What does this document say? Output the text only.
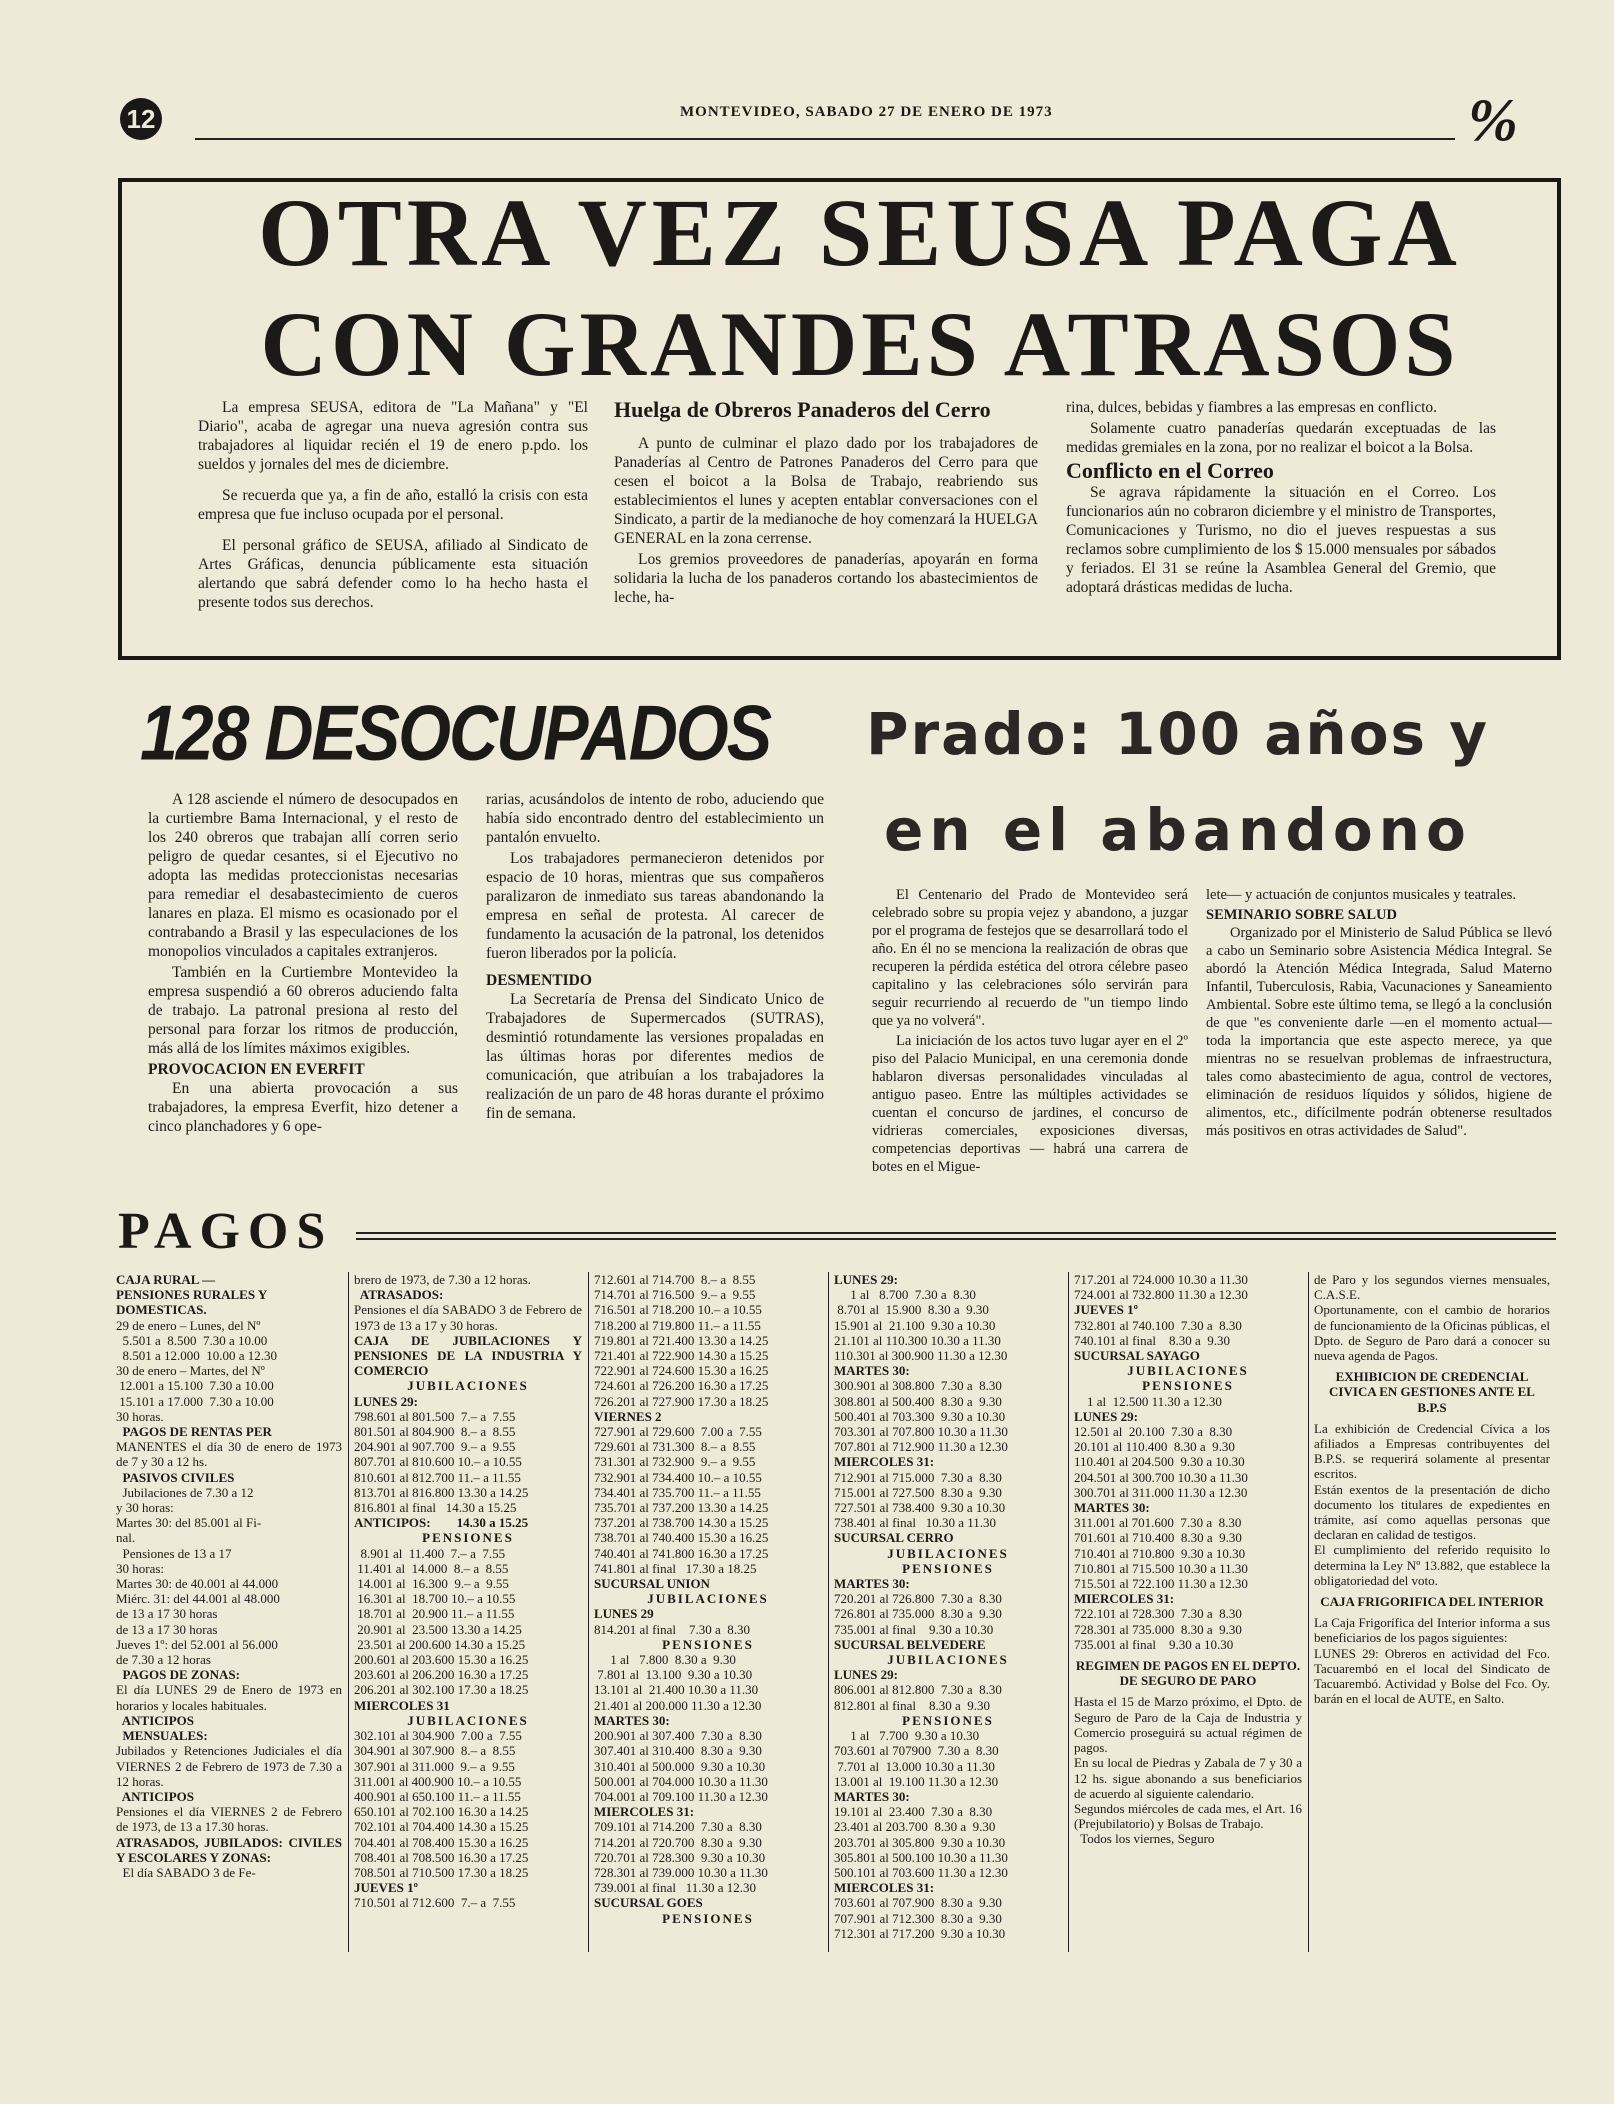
12	MONTEVIDEO, SABADO 27 DE ENERO DE 1973	%
OTRA VEZ SEUSA PAGA
CON GRANDES ATRASOS

La empresa SEUSA, editora de "La Mañana" y "El Diario", acaba de agregar una nueva agresión contra sus trabajadores al liquidar recién el 19 de enero p.pdo. los sueldos y jornales del mes de diciembre.

Se recuerda que ya, a fin de año, estalló la crisis con esta empresa que fue incluso ocupada por el personal.

El personal gráfico de SEUSA, afiliado al Sindicato de Artes Gráficas, denuncia públicamente esta situación alertando que sabrá defender como lo ha hecho hasta el presente todos sus derechos.

Huelga de Obreros Panaderos del Cerro

A punto de culminar el plazo dado por los trabajadores de Panaderías al Centro de Patrones Panaderos del Cerro para que cesen el boicot a la Bolsa de Trabajo, reabriendo sus establecimientos el lunes y acepten entablar conversaciones con el Sindicato, a partir de la medianoche de hoy comenzará la HUELGA GENERAL en la zona cerrense.

Los gremios proveedores de panaderías, apoyarán en forma solidaria la lucha de los panaderos cortando los abastecimientos de leche, ha-

rina, dulces, bebidas y fiambres a las empresas en conflicto.

Solamente cuatro panaderías quedarán exceptuadas de las medidas gremiales en la zona, por no realizar el boicot a la Bolsa.

Conflicto en el Correo

Se agrava rápidamente la situación en el Correo. Los funcionarios aún no cobraron diciembre y el ministro de Transportes, Comunicaciones y Turismo, no dio el jueves respuestas a sus reclamos sobre cumplimiento de los $ 15.000 mensuales por sábados y feriados. El 31 se reúne la Asamblea General del Gremio, que adoptará drásticas medidas de lucha.

128 DESOCUPADOS

A 128 asciende el número de desocupados en la curtiembre Bama Internacional, y el resto de los 240 obreros que trabajan allí corren serio peligro de quedar cesantes, si el Ejecutivo no adopta las medidas proteccionistas necesarias para remediar el desabastecimiento de cueros lanares en plaza. El mismo es ocasionado por el contrabando a Brasil y las especulaciones de los monopolios vinculados a capitales extranjeros.

También en la Curtiembre Montevideo la empresa suspendió a 60 obreros aduciendo falta de trabajo. La patronal presiona al resto del personal para forzar los ritmos de producción, más allá de los límites máximos exigibles.

PROVOCACION EN EVERFIT

En una abierta provocación a sus trabajadores, la empresa Everfit, hizo detener a cinco planchadores y 6 ope-

rarias, acusándolos de intento de robo, aduciendo que había sido encontrado dentro del establecimiento un pantalón envuelto.

Los trabajadores permanecieron detenidos por espacio de 10 horas, mientras que sus compañeros paralizaron de inmediato sus tareas abandonando la empresa en señal de protesta. Al carecer de fundamento la acusación de la patronal, los detenidos fueron liberados por la policía.

DESMENTIDO

La Secretaría de Prensa del Sindicato Unico de Trabajadores de Supermercados (SUTRAS), desmintió rotundamente las versiones propaladas en las últimas horas por diferentes medios de comunicación, que atribuían a los trabajadores la realización de un paro de 48 horas durante el próximo fin de semana.

Prado: 100 años y
en el abandono

El Centenario del Prado de Montevideo será celebrado sobre su propia vejez y abandono, a juzgar por el programa de festejos que se desarrollará todo el año. En él no se menciona la realización de obras que recuperen la pérdida estética del otrora célebre paseo capitalino y las celebraciones sólo servirán para seguir recurriendo al recuerdo de "un tiempo lindo que ya no volverá".

La iniciación de los actos tuvo lugar ayer en el 2º piso del Palacio Municipal, en una ceremonia donde hablaron diversas personalidades vinculadas al antiguo paseo. Entre las múltiples actividades se cuentan el concurso de jardines, el concurso de vidrieras comerciales, exposiciones diversas, competencias deportivas — habrá una carrera de botes en el Migue-

lete— y actuación de conjuntos musicales y teatrales.

SEMINARIO SOBRE SALUD

Organizado por el Ministerio de Salud Pública se llevó a cabo un Seminario sobre Asistencia Médica Integral. Se abordó la Atención Médica Integrada, Salud Materno Infantil, Tuberculosis, Rabia, Vacunaciones y Saneamiento Ambiental. Sobre este último tema, se llegó a la conclusión de que "es conveniente darle —en el momento actual— toda la importancia que este aspecto merece, ya que mientras no se resuelvan problemas de infraestructura, tales como abastecimiento de agua, control de vectores, eliminación de residuos líquidos y sólidos, higiene de alimentos, etc., difícilmente podrán obtenerse resultados más positivos en otras actividades de Salud".

PAGOS
CAJA RURAL —
PENSIONES RURALES Y
DOMESTICAS.
29 de enero – Lunes, del Nº
5.501 a  8.500  7.30 a 10.00
8.501 a 12.000  10.00 a 12.30
30 de enero – Martes, del Nº
12.001 a 15.100  7.30 a 10.00
15.101 a 17.000  7.30 a 10.00
30 horas.
PAGOS DE RENTAS PER
MANENTES el día 30 de enero de 1973 de 7 y 30 a 12 hs.
PASIVOS CIVILES
Jubilaciones de 7.30 a 12
y 30 horas:
Martes 30: del 85.001 al Fi-
nal.
Pensiones de 13 a 17
30 horas:
Martes 30: de 40.001 al 44.000
Miérc. 31: del 44.001 al 48.000
de 13 a 17 30 horas
de 13 a 17 30 horas
Jueves 1º: del 52.001 al 56.000
de 7.30 a 12 horas
PAGOS DE ZONAS:
El día LUNES 29 de Enero de 1973 en horarios y locales habituales.
ANTICIPOS
MENSUALES:
Jubilados y Retenciones Judiciales el día VIERNES 2 de Febrero de 1973 de 7.30 a 12 horas.
ANTICIPOS
Pensiones el día VIERNES 2 de Febrero de 1973, de 13 a 17.30 horas.
ATRASADOS, JUBILADOS: CIVILES Y ESCOLARES Y ZONAS:
El día SABADO 3 de Fe-
brero de 1973, de 7.30 a 12 horas.
ATRASADOS:
Pensiones el día SABADO 3 de Febrero de 1973 de 13 a 17 y 30 horas.
CAJA DE JUBILACIONES Y PENSIONES DE LA INDUSTRIA Y COMERCIO
JUBILACIONES
LUNES 29:
798.601 al 801.500  7.– a  7.55
801.501 al 804.900  8.– a  8.55
204.901 al 907.700  9.– a  9.55
807.701 al 810.600 10.– a 10.55
810.601 al 812.700 11.– a 11.55
813.701 al 816.800 13.30 a 14.25
816.801 al final   14.30 a 15.25
ANTICIPOS:        14.30 a 15.25
PENSIONES
8.901 al  11.400  7.– a  7.55
11.401 al  14.000  8.– a  8.55
14.001 al  16.300  9.– a  9.55
16.301 al  18.700 10.– a 10.55
18.701 al  20.900 11.– a 11.55
20.901 al  23.500 13.30 a 14.25
23.501 al 200.600 14.30 a 15.25
200.601 al 203.600 15.30 a 16.25
203.601 al 206.200 16.30 a 17.25
206.201 al 302.100 17.30 a 18.25
MIERCOLES 31
JUBILACIONES
302.101 al 304.900  7.00 a  7.55
304.901 al 307.900  8.– a  8.55
307.901 al 311.000  9.– a  9.55
311.001 al 400.900 10.– a 10.55
400.901 al 650.100 11.– a 11.55
650.101 al 702.100 16.30 a 14.25
702.101 al 704.400 14.30 a 15.25
704.401 al 708.400 15.30 a 16.25
708.401 al 708.500 16.30 a 17.25
708.501 al 710.500 17.30 a 18.25
JUEVES 1º
710.501 al 712.600  7.– a  7.55
712.601 al 714.700  8.– a  8.55
714.701 al 716.500  9.– a  9.55
716.501 al 718.200 10.– a 10.55
718.200 al 719.800 11.– a 11.55
719.801 al 721.400 13.30 a 14.25
721.401 al 722.900 14.30 a 15.25
722.901 al 724.600 15.30 a 16.25
724.601 al 726.200 16.30 a 17.25
726.201 al 727.900 17.30 a 18.25
VIERNES 2
727.901 al 729.600  7.00 a  7.55
729.601 al 731.300  8.– a  8.55
731.301 al 732.900  9.– a  9.55
732.901 al 734.400 10.– a 10.55
734.401 al 735.700 11.– a 11.55
735.701 al 737.200 13.30 a 14.25
737.201 al 738.700 14.30 a 15.25
738.701 al 740.400 15.30 a 16.25
740.401 al 741.800 16.30 a 17.25
741.801 al final   17.30 a 18.25
SUCURSAL UNION
JUBILACIONES
LUNES 29
814.201 al final    7.30 a  8.30
PENSIONES
1 al   7.800  8.30 a  9.30
7.801 al  13.100  9.30 a 10.30
13.101 al  21.400 10.30 a 11.30
21.401 al 200.000 11.30 a 12.30
MARTES 30:
200.901 al 307.400  7.30 a  8.30
307.401 al 310.400  8.30 a  9.30
310.401 al 500.000  9.30 a 10.30
500.001 al 704.000 10.30 a 11.30
704.001 al 709.100 11.30 a 12.30
MIERCOLES 31:
709.101 al 714.200  7.30 a  8.30
714.201 al 720.700  8.30 a  9.30
720.701 al 728.300  9.30 a 10.30
728.301 al 739.000 10.30 a 11.30
739.001 al final   11.30 a 12.30
SUCURSAL GOES
PENSIONES
LUNES 29:
1 al   8.700  7.30 a  8.30
8.701 al  15.900  8.30 a  9.30
15.901 al  21.100  9.30 a 10.30
21.101 al 110.300 10.30 a 11.30
110.301 al 300.900 11.30 a 12.30
MARTES 30:
300.901 al 308.800  7.30 a  8.30
308.801 al 500.400  8.30 a  9.30
500.401 al 703.300  9.30 a 10.30
703.301 al 707.800 10.30 a 11.30
707.801 al 712.900 11.30 a 12.30
MIERCOLES 31:
712.901 al 715.000  7.30 a  8.30
715.001 al 727.500  8.30 a  9.30
727.501 al 738.400  9.30 a 10.30
738.401 al final   10.30 a 11.30
SUCURSAL CERRO
JUBILACIONES
PENSIONES
MARTES 30:
720.201 al 726.800  7.30 a  8.30
726.801 al 735.000  8.30 a  9.30
735.001 al final    9.30 a 10.30
SUCURSAL BELVEDERE
JUBILACIONES
LUNES 29:
806.001 al 812.800  7.30 a  8.30
812.801 al final    8.30 a  9.30
PENSIONES
1 al   7.700  9.30 a 10.30
703.601 al 707900  7.30 a  8.30
7.701 al  13.000 10.30 a 11.30
13.001 al  19.100 11.30 a 12.30
MARTES 30:
19.101 al  23.400  7.30 a  8.30
23.401 al 203.700  8.30 a  9.30
203.701 al 305.800  9.30 a 10.30
305.801 al 500.100 10.30 a 11.30
500.101 al 703.600 11.30 a 12.30
MIERCOLES 31:
703.601 al 707.900  8.30 a  9.30
707.901 al 712.300  8.30 a  9.30
712.301 al 717.200  9.30 a 10.30
717.201 al 724.000 10.30 a 11.30
724.001 al 732.800 11.30 a 12.30
JUEVES 1º
732.801 al 740.100  7.30 a  8.30
740.101 al final    8.30 a  9.30
SUCURSAL SAYAGO
JUBILACIONES
PENSIONES
1 al  12.500 11.30 a 12.30
LUNES 29:
12.501 al  20.100  7.30 a  8.30
20.101 al 110.400  8.30 a  9.30
110.401 al 204.500  9.30 a 10.30
204.501 al 300.700 10.30 a 11.30
300.701 al 311.000 11.30 a 12.30
MARTES 30:
311.001 al 701.600  7.30 a  8.30
701.601 al 710.400  8.30 a  9.30
710.401 al 710.800  9.30 a 10.30
710.801 al 715.500 10.30 a 11.30
715.501 al 722.100 11.30 a 12.30
MIERCOLES 31:
722.101 al 728.300  7.30 a  8.30
728.301 al 735.000  8.30 a  9.30
735.001 al final    9.30 a 10.30
REGIMEN DE PAGOS EN EL DEPTO. DE SEGURO DE PARO
Hasta el 15 de Marzo próximo, el Dpto. de Seguro de Paro de la Caja de Industria y Comercio proseguirá su actual régimen de pagos.
En su local de Piedras y Zabala de 7 y 30 a 12 hs. sigue abonando a sus beneficiarios de acuerdo al siguiente calendario.
Segundos miércoles de cada mes, el Art. 16 (Prejubilatorio) y Bolsas de Trabajo.
Todos los viernes, Seguro
de Paro y los segundos viernes mensuales, C.A.S.E.
Oportunamente, con el cambio de horarios de funcionamiento de la Oficinas públicas, el Dpto. de Seguro de Paro dará a conocer su nueva agenda de Pagos.
EXHIBICION DE CREDENCIAL CIVICA EN GESTIONES ANTE EL B.P.S
La exhibición de Credencial Cívica a los afiliados a Empresas contribuyentes del B.P.S. se requerirá solamente al presentar escritos.
Están exentos de la presentación de dicho documento los titulares de expedientes en trámite, así como aquellas personas que declaran en calidad de testigos.
El cumplimiento del referido requisito lo determina la Ley Nº 13.882, que establece la obligatoriedad del voto.
CAJA FRIGORIFICA DEL INTERIOR
La Caja Frigorífica del Interior informa a sus beneficiarios de los pagos siguientes:
LUNES 29: Obreros en actividad del Fco. Tacuarembó en el local del Sindicato de Tacuarembó. Actividad y Bolse del Fco. Oy. barán en el local de AUTE, en Salto.
